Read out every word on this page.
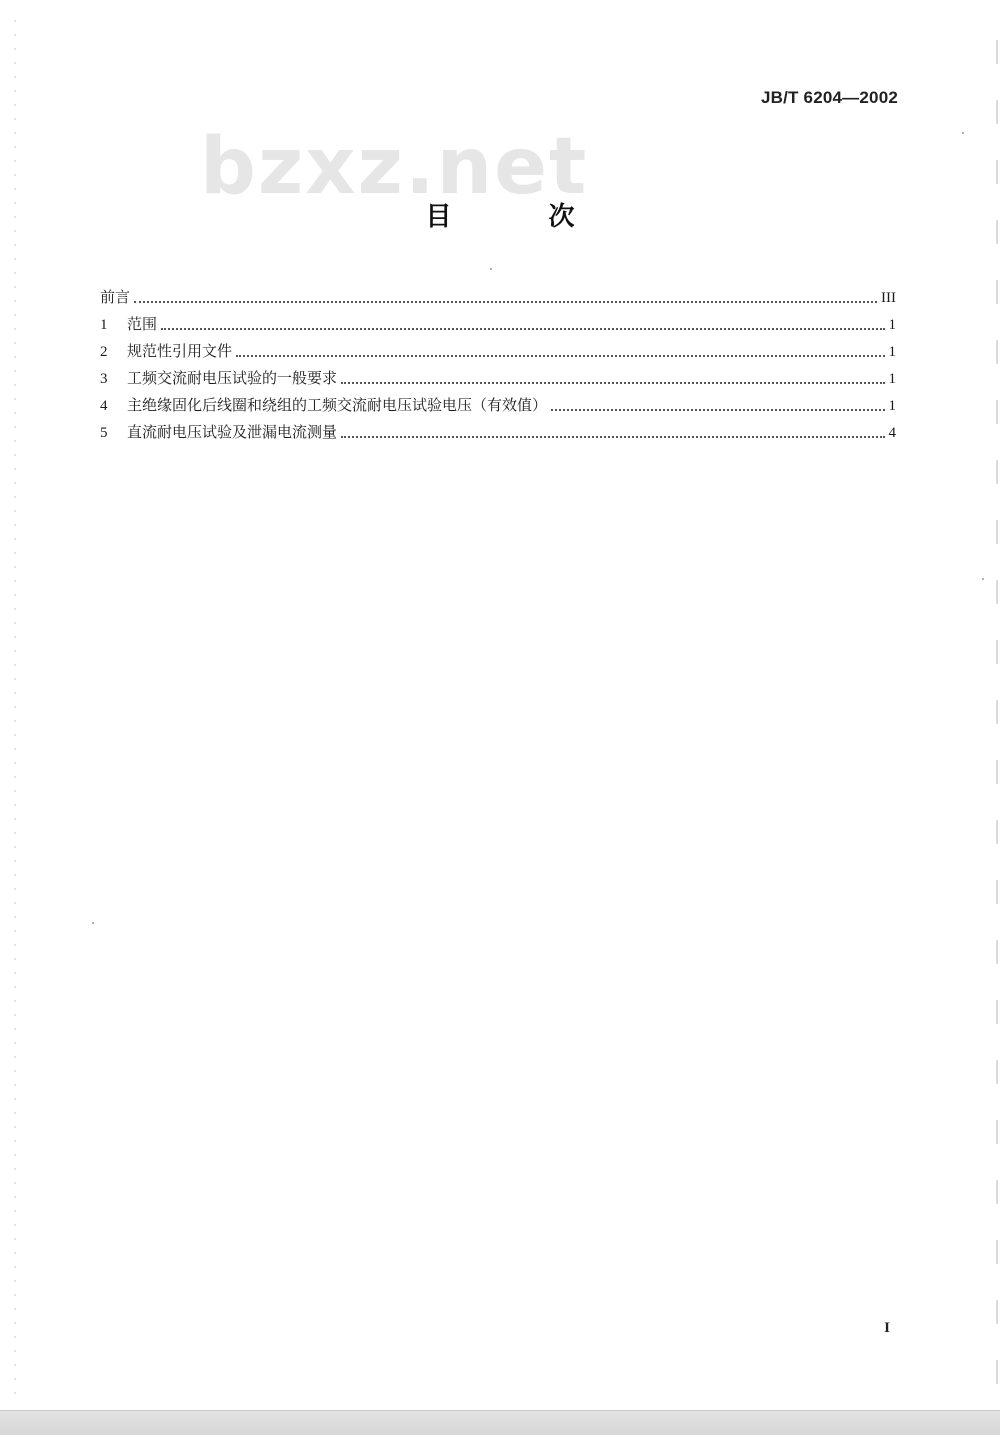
JB/T 6204—2002
bzxz.net
目 次
前言	III
1	范围	1
2	规范性引用文件	1
3	工频交流耐电压试验的一般要求	1
4	主绝缘固化后线圈和绕组的工频交流耐电压试验电压（有效值）	1
5	直流耐电压试验及泄漏电流测量	4
I
